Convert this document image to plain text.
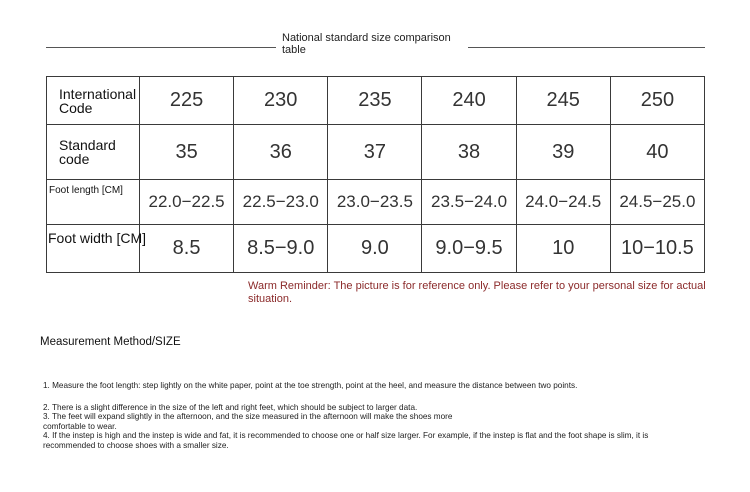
National standard size comparison table
International Code	225	230	235	240	245	250
Standard code	35	36	37	38	39	40
Foot length [CM]	22.0−22.5	22.5−23.0	23.0−23.5	23.5−24.0	24.0−24.5	24.5−25.0
Foot width [CM]	8.5	8.5−9.0	9.0	9.0−9.5	10	10−10.5
Warm Reminder: The picture is for reference only. Please refer to your personal size for actual situation.
Measurement Method/SIZE
1. Measure the foot length: step lightly on the white paper, point at the toe strength, point at the heel, and measure the distance between two points.
2. There is a slight difference in the size of the left and right feet, which should be subject to larger data.
3. The feet will expand slightly in the afternoon, and the size measured in the afternoon will make the shoes more comfortable to wear.
4. If the instep is high and the instep is wide and fat, it is recommended to choose one or half size larger. For example, if the instep is flat and the foot shape is slim, it is recommended to choose shoes with a smaller size.
